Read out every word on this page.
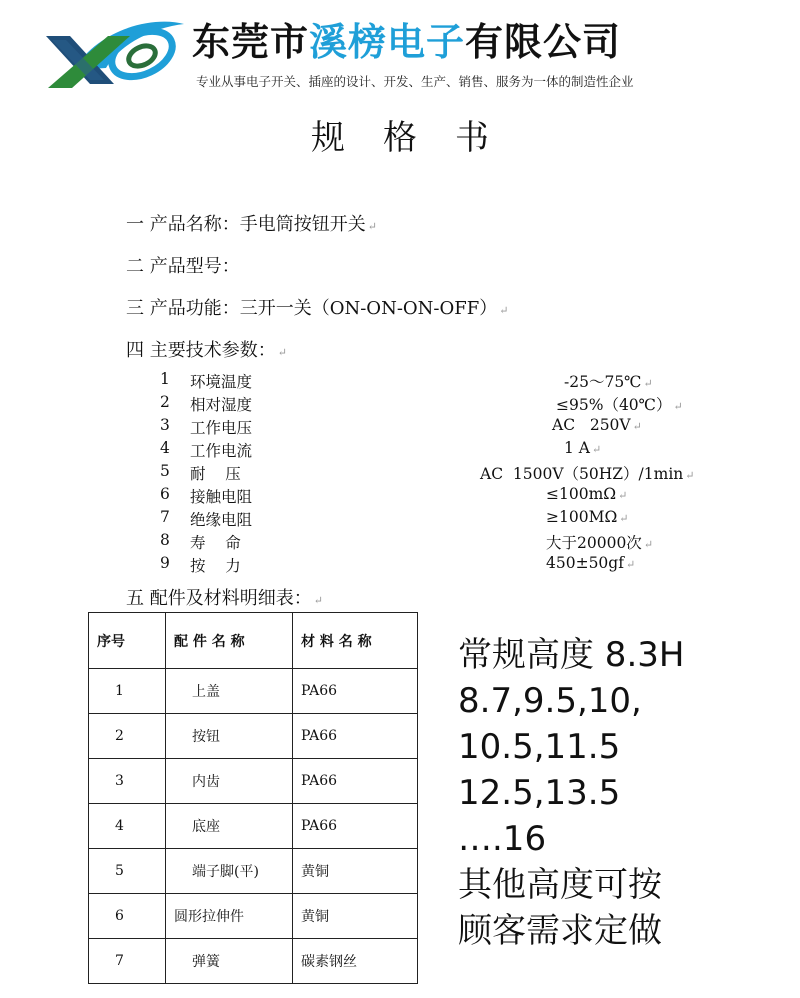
东莞市溪榜电子有限公司
专业从事电子开关、插座的设计、开发、生产、销售、服务为一体的制造性企业
规格书
一 产品名称：手电筒按钮开关 ↵
二 产品型号：
三 产品功能：三开一关（ON-ON-ON-OFF） ↵
四 主要技术参数： ↵
1 环境温度	-25～75℃ ↵
2 相对湿度	≤95%（40℃） ↵
3 工作电压	AC   250V ↵
4 工作电流	1 A ↵
5 耐    压	AC  1500V（50HZ）/1min ↵
6 接触电阻	≤100mΩ ↵
7 绝缘电阻	≥100MΩ ↵
8 寿    命	大于20000次 ↵
9 按    力	450±50gf ↵
五 配件及材料明细表： ↵
序号	配 件 名 称	材 料 名 称
1	上盖	PA66
2	按钮	PA66
3	内齿	PA66
4	底座	PA66
5	端子脚(平)	黄铜
6	圆形拉伸件	黄铜
7	弹簧	碳素钢丝
常规高度 8.3H
8.7,9.5,10,
10.5,11.5
12.5,13.5
….16
其他高度可按
顾客需求定做
